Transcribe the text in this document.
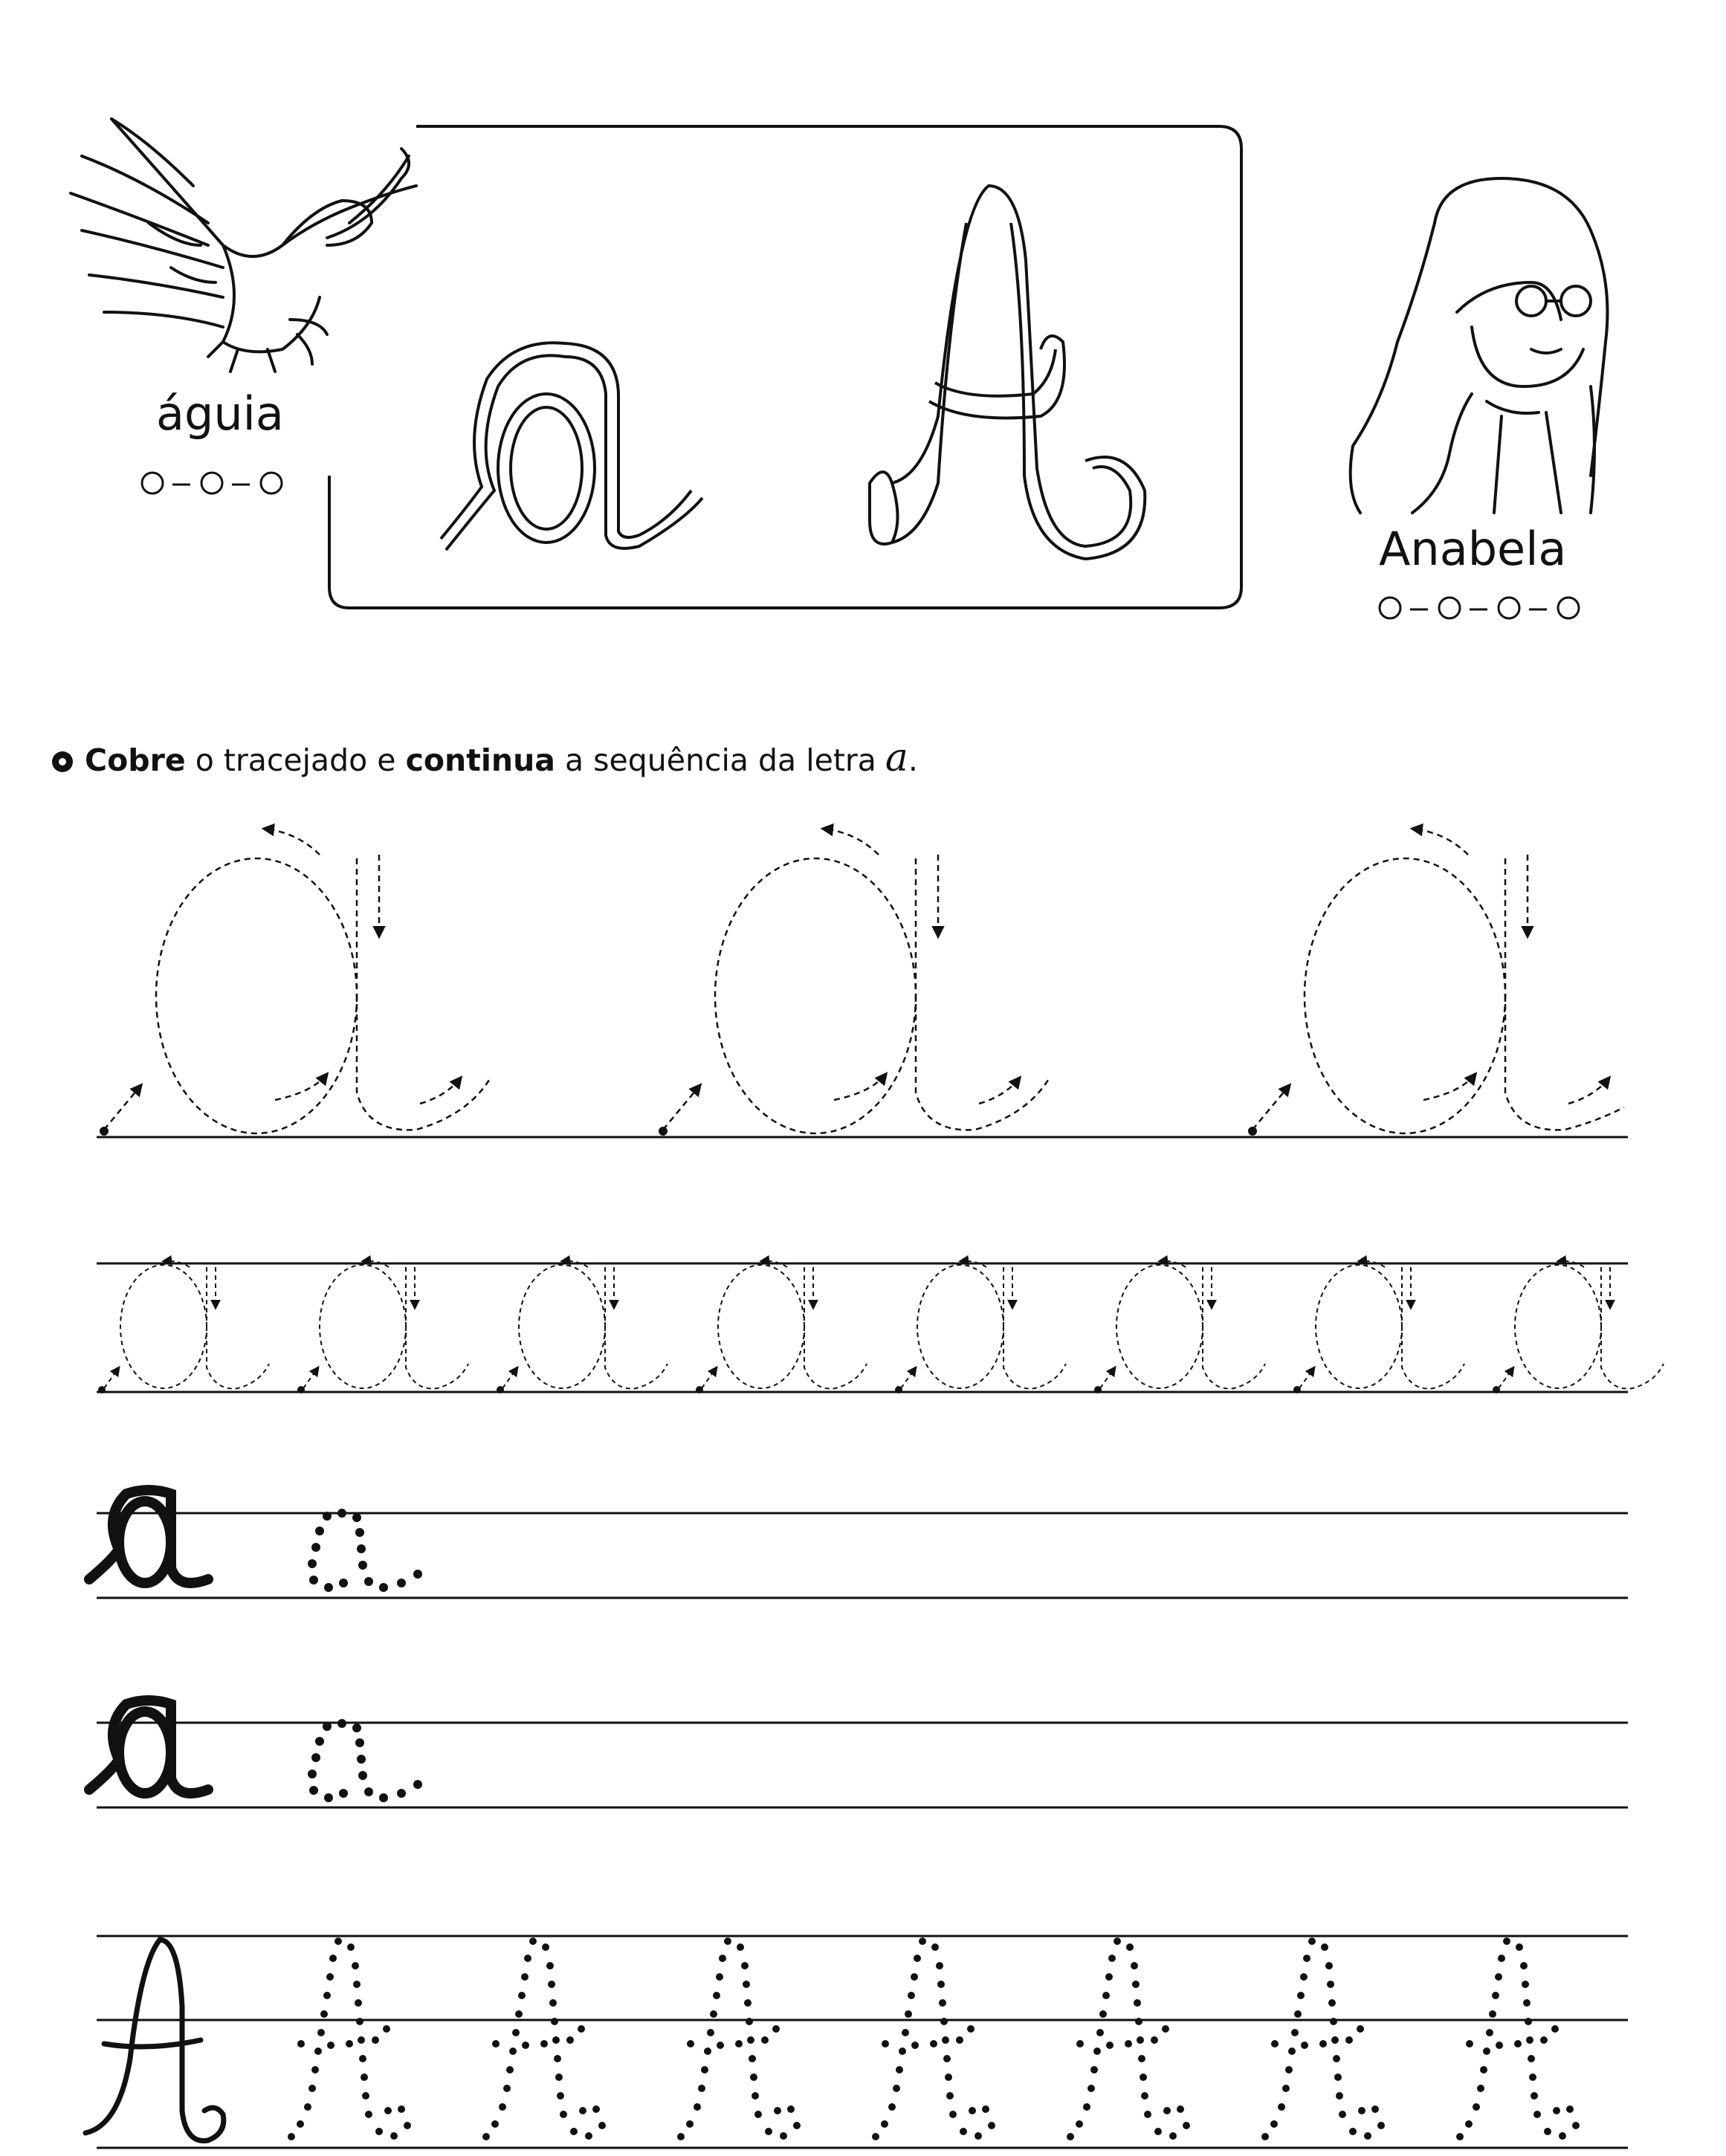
águia
Anabela
Cobre o tracejado e continua a sequência da letra a.
